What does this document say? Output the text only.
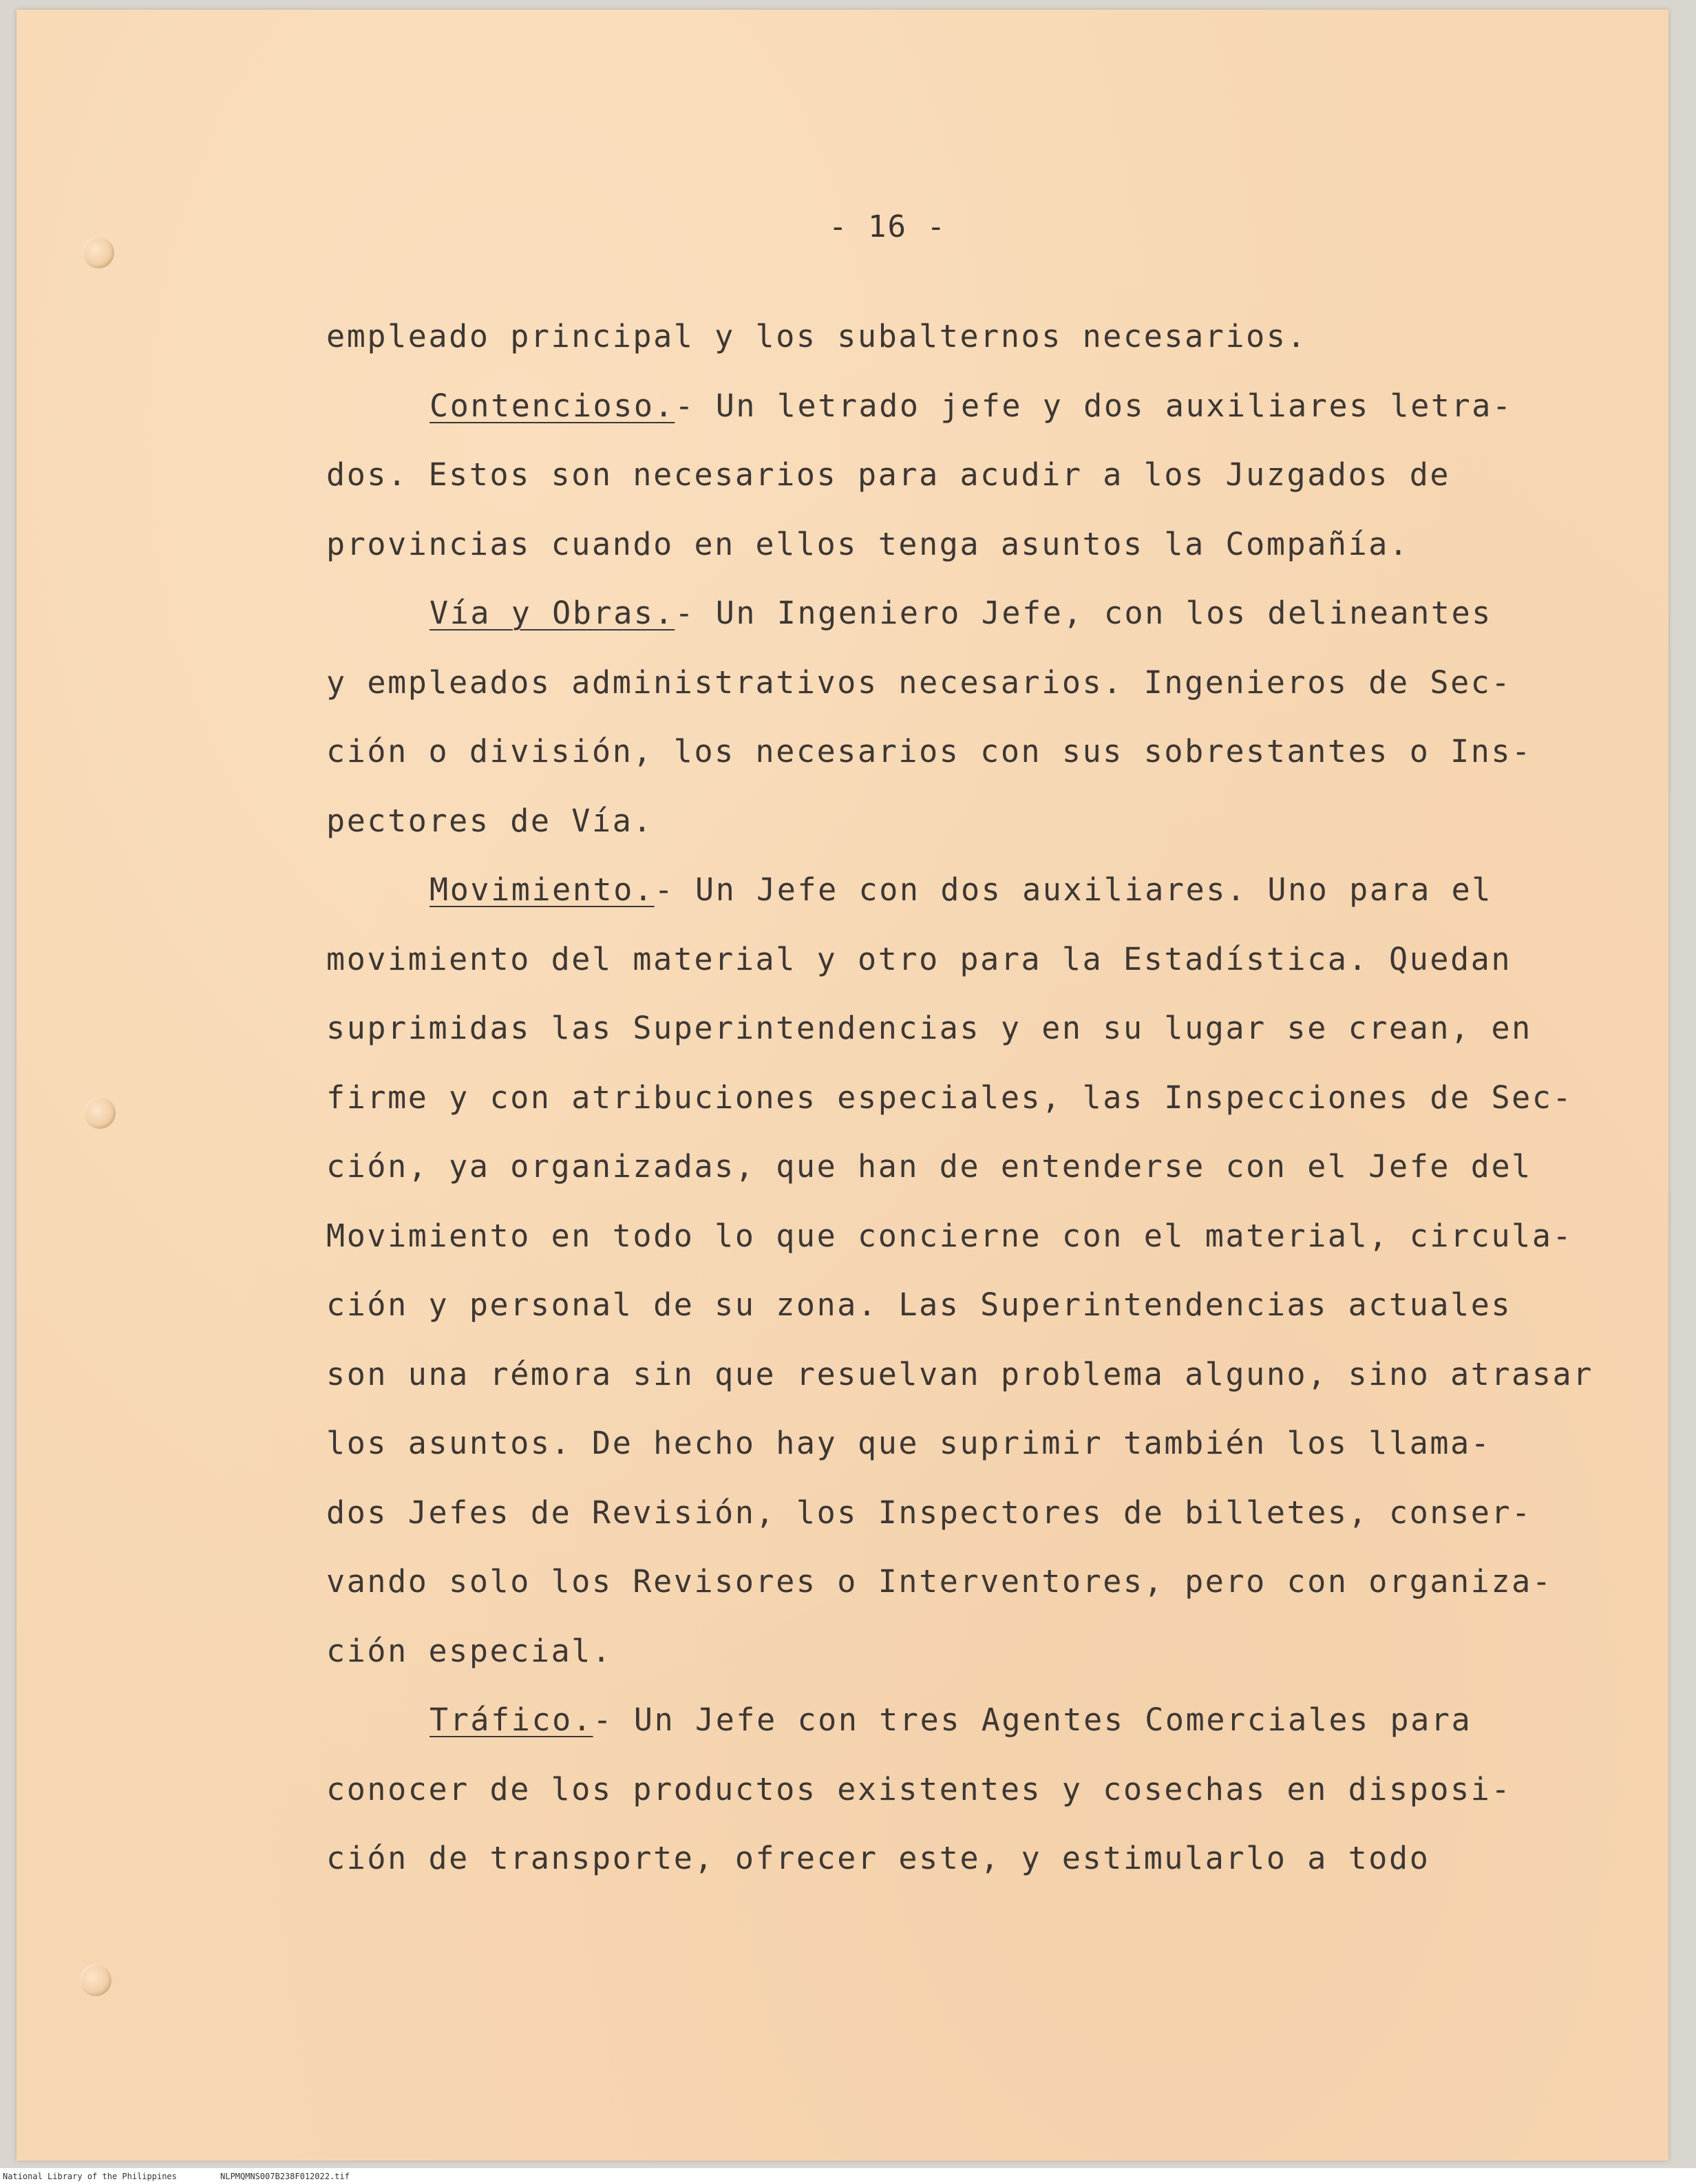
- 16 -
empleado principal y los subalternos necesarios.
Contencioso.- Un letrado jefe y dos auxiliares letra-
dos. Estos son necesarios para acudir a los Juzgados de
provincias cuando en ellos tenga asuntos la Compañía.
Vía y Obras.- Un Ingeniero Jefe, con los delineantes
y empleados administrativos necesarios. Ingenieros de Sec-
ción o división, los necesarios con sus sobrestantes o Ins-
pectores de Vía.
Movimiento.- Un Jefe con dos auxiliares. Uno para el
movimiento del material y otro para la Estadística. Quedan
suprimidas las Superintendencias y en su lugar se crean, en
firme y con atribuciones especiales, las Inspecciones de Sec-
ción, ya organizadas, que han de entenderse con el Jefe del
Movimiento en todo lo que concierne con el material, circula-
ción y personal de su zona. Las Superintendencias actuales
son una rémora sin que resuelvan problema alguno, sino atrasar
los asuntos. De hecho hay que suprimir también los llama-
dos Jefes de Revisión, los Inspectores de billetes, conser-
vando solo los Revisores o Interventores, pero con organiza-
ción especial.
Tráfico.- Un Jefe con tres Agentes Comerciales para
conocer de los productos existentes y cosechas en disposi-
ción de transporte, ofrecer este, y estimularlo a todo
National Library of the Philippines	NLPMQMNS007B238F012022.tif
